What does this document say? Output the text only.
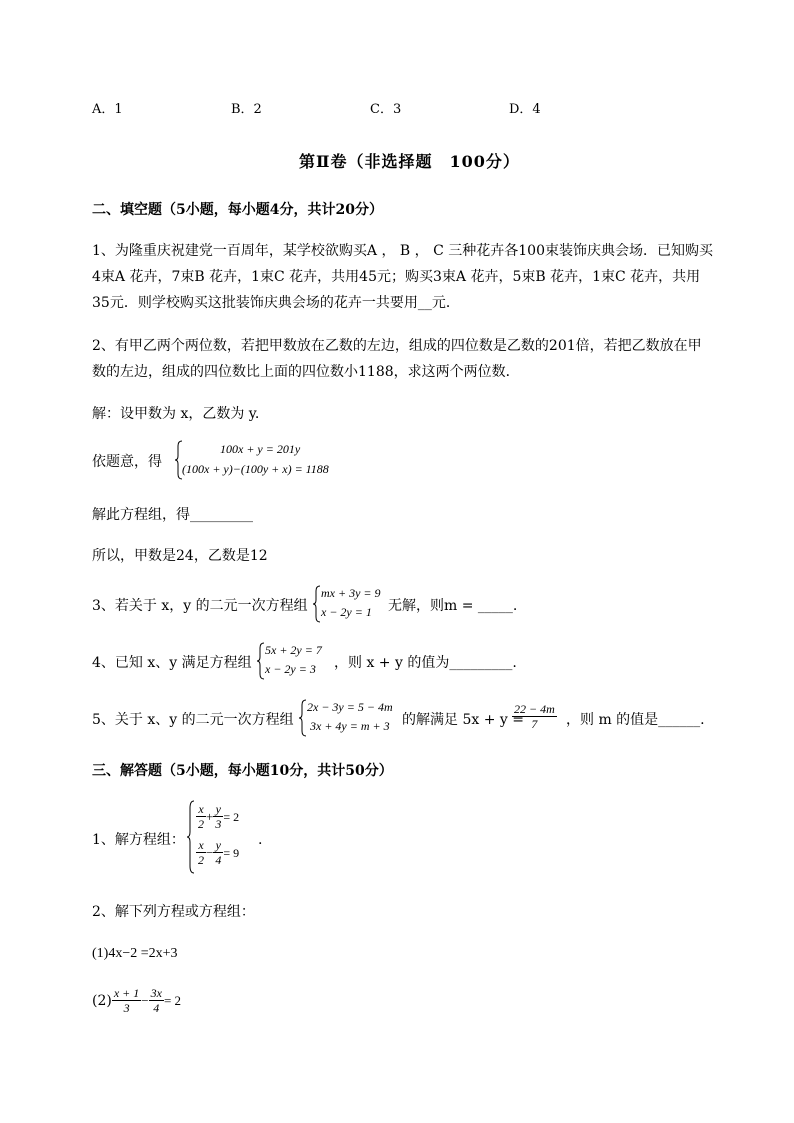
A．1	B．2	C．3	D．4
第Ⅱ卷（非选择题　100分）
二、填空题（5小题，每小题4分，共计20分）
1、为隆重庆祝建党一百周年，某学校欲购买A ， B ， C 三种花卉各100束装饰庆典会场．已知购买
4束A 花卉，7束B 花卉，1束C 花卉，共用45元；购买3束A 花卉，5束B 花卉，1束C 花卉，共用
35元．则学校购买这批装饰庆典会场的花卉一共要用__元．
2、有甲乙两个两位数，若把甲数放在乙数的左边，组成的四位数是乙数的201倍，若把乙数放在甲
数的左边，组成的四位数比上面的四位数小1188，求这两个两位数．
解：设甲数为 x，乙数为 y.
依题意，得
100x + y = 201y
(100x + y)−(100y + x) = 1188
解此方程组，得_________
所以，甲数是24，乙数是12
3、若关于 x，y 的二元一次方程组
mx + 3y = 9
x − 2y = 1 无解，则m = _____.
4、已知 x、y 满足方程组
5x + 2y = 7
x − 2y = 3 ，则 x + y 的值为_________.
5、关于 x、y 的二元一次方程组
2x − 3y = 5 − 4m
3x + 4y = m + 3 的解满足 5x + y =
$\frac{22 - 4m}{7}$ ，则 m 的值是______.
三、解答题（5小题，每小题10分，共计50分）
1、解方程组：
$\frac{x}{2} + \frac{y}{3} = 2$
$\frac{x}{2} - \frac{y}{4} = 9$
.
2、解下列方程或方程组：
(1)4x−2 =2x+3
$(2) \frac{x + 1}{3} - \frac{3x}{4} = 2$
